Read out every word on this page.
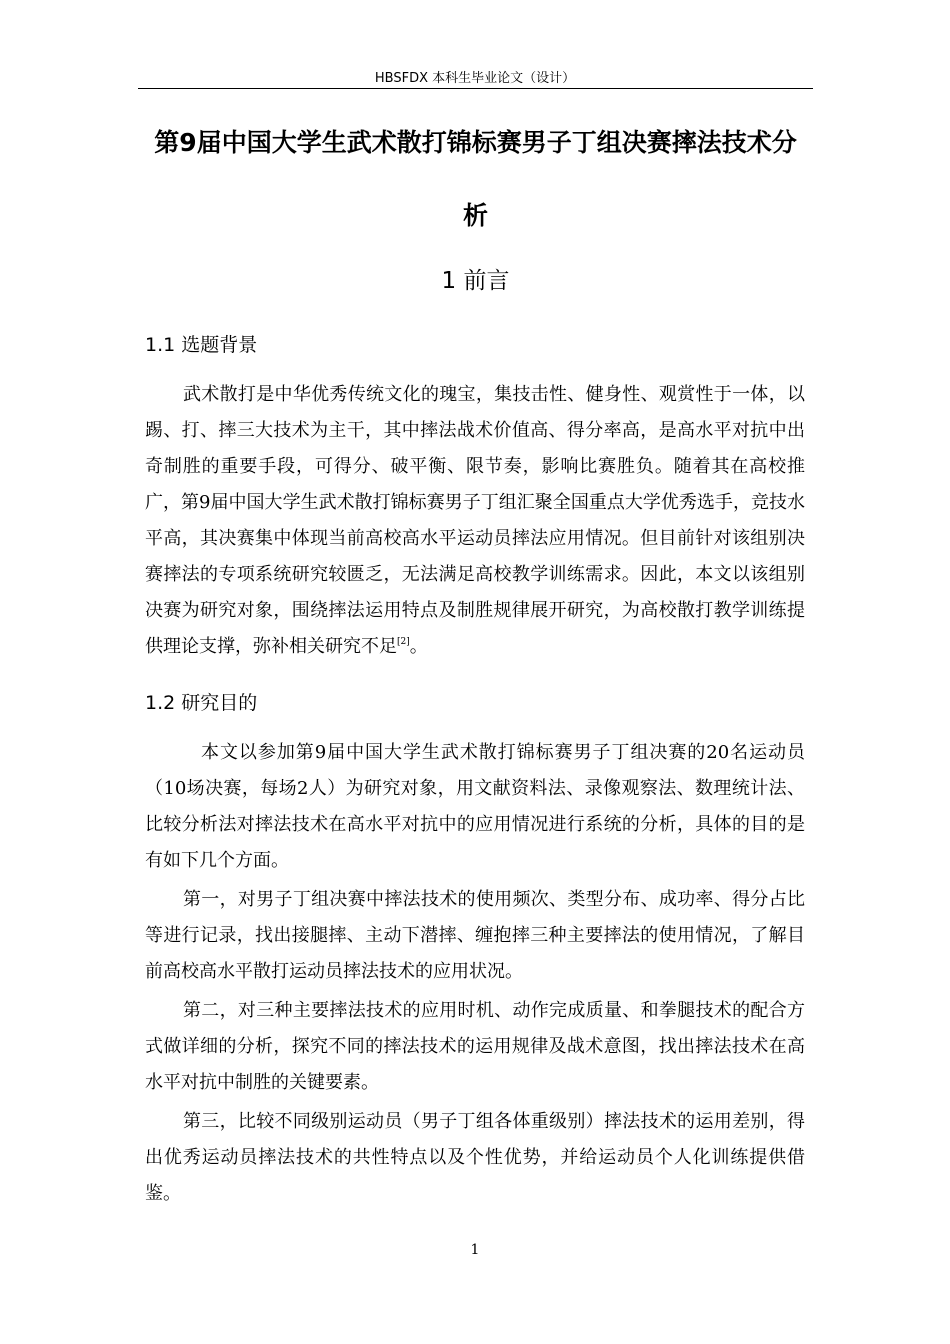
HBSFDX 本科生毕业论文（设计）
第9届中国大学生武术散打锦标赛男子丁组决赛摔法技术分
析
1 前言
1.1 选题背景

武术散打是中华优秀传统文化的瑰宝，集技击性、健身性、观赏性于一体，以踢、打、摔三大技术为主干，其中摔法战术价值高、得分率高，是高水平对抗中出奇制胜的重要手段，可得分、破平衡、限节奏，影响比赛胜负。随着其在高校推广，第9届中国大学生武术散打锦标赛男子丁组汇聚全国重点大学优秀选手，竞技水平高，其决赛集中体现当前高校高水平运动员摔法应用情况。但目前针对该组别决赛摔法的专项系统研究较匮乏，无法满足高校教学训练需求。因此，本文以该组别决赛为研究对象，围绕摔法运用特点及制胜规律展开研究，为高校散打教学训练提供理论支撑，弥补相关研究不足[2]。

1.2 研究目的

本文以参加第9届中国大学生武术散打锦标赛男子丁组决赛的20名运动员（10场决赛，每场2人）为研究对象，用文献资料法、录像观察法、数理统计法、比较分析法对摔法技术在高水平对抗中的应用情况进行系统的分析，具体的目的是有如下几个方面。

第一，对男子丁组决赛中摔法技术的使用频次、类型分布、成功率、得分占比等进行记录，找出接腿摔、主动下潜摔、缠抱摔三种主要摔法的使用情况，了解目前高校高水平散打运动员摔法技术的应用状况。

第二，对三种主要摔法技术的应用时机、动作完成质量、和拳腿技术的配合方式做详细的分析，探究不同的摔法技术的运用规律及战术意图，找出摔法技术在高水平对抗中制胜的关键要素。

第三，比较不同级别运动员（男子丁组各体重级别）摔法技术的运用差别，得出优秀运动员摔法技术的共性特点以及个性优势，并给运动员个人化训练提供借鉴。

1
